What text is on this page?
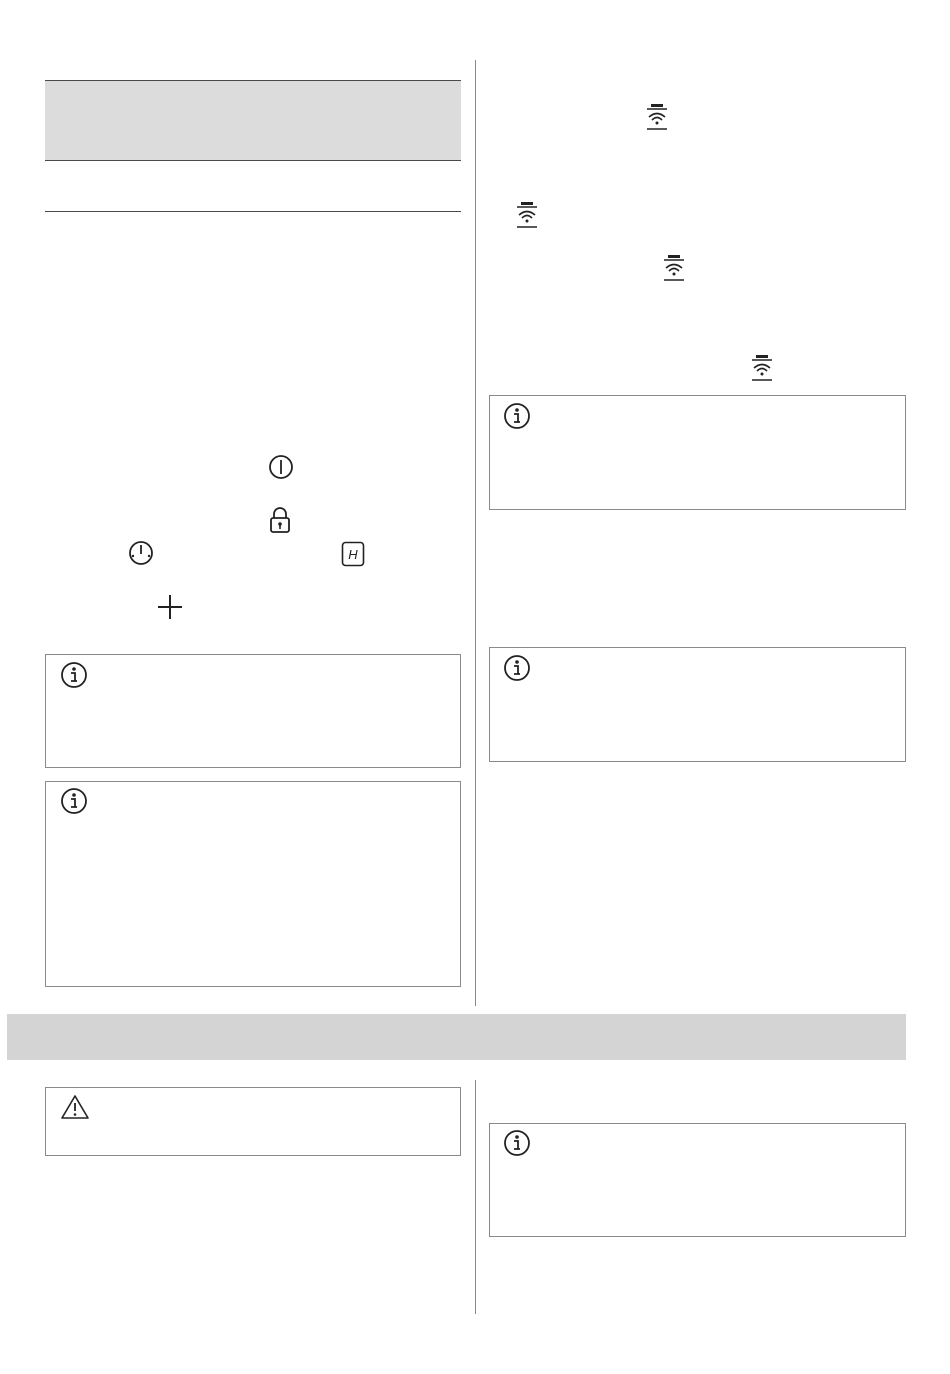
H
